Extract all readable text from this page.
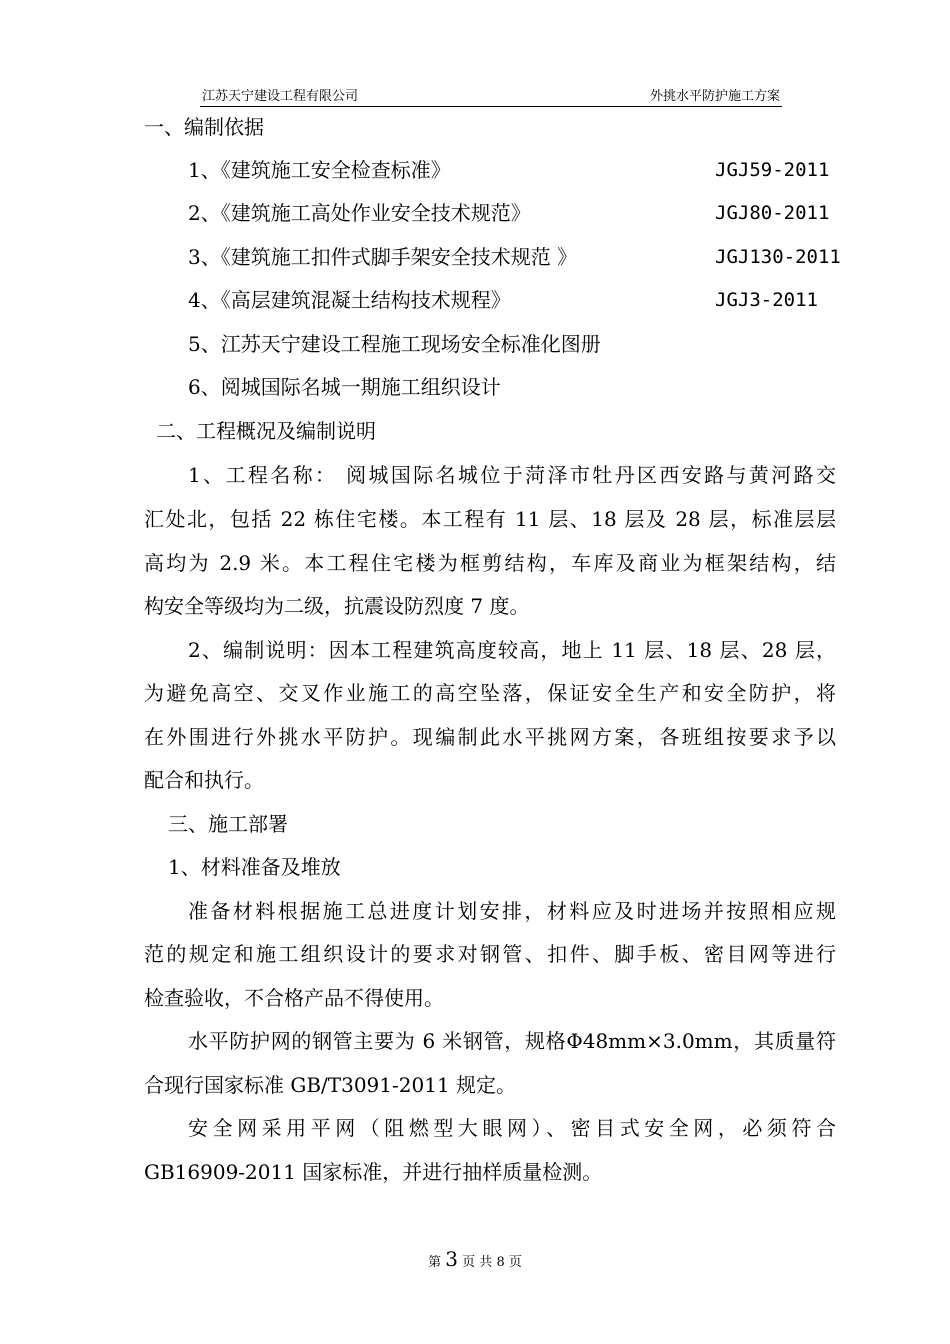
江苏天宁建设工程有限公司	外挑水平防护施工方案
一、编制依据
1、《建筑施工安全检查标准》	JGJ59-2011
2、《建筑施工高处作业安全技术规范》	JGJ80-2011
3、《建筑施工扣件式脚手架安全技术规范 》	JGJ130-2011
4、《高层建筑混凝土结构技术规程》	JGJ3-2011
5、江苏天宁建设工程施工现场安全标准化图册
6、阅城国际名城一期施工组织设计
二、工程概况及编制说明
1、工程名称： 阅城国际名城位于菏泽市牡丹区西安路与黄河路交
汇处北，包括 22 栋住宅楼。本工程有 11 层、18 层及 28 层，标准层层
高均为 2.9 米。本工程住宅楼为框剪结构，车库及商业为框架结构，结
构安全等级均为二级，抗震设防烈度 7 度。
2、编制说明：因本工程建筑高度较高，地上 11 层、18 层、28 层，
为避免高空、交叉作业施工的高空坠落，保证安全生产和安全防护，将
在外围进行外挑水平防护。现编制此水平挑网方案，各班组按要求予以
配合和执行。
三、施工部署
1、材料准备及堆放
准备材料根据施工总进度计划安排，材料应及时进场并按照相应规
范的规定和施工组织设计的要求对钢管、扣件、脚手板、密目网等进行
检查验收，不合格产品不得使用。
水平防护网的钢管主要为 6 米钢管，规格Φ48mm×3.0mm，其质量符
合现行国家标准 GB/T3091-2011 规定。
安全网采用平网（阻燃型大眼网）、密目式安全网，必须符合
GB16909-2011 国家标准，并进行抽样质量检测。
第 3 页 共 8 页
